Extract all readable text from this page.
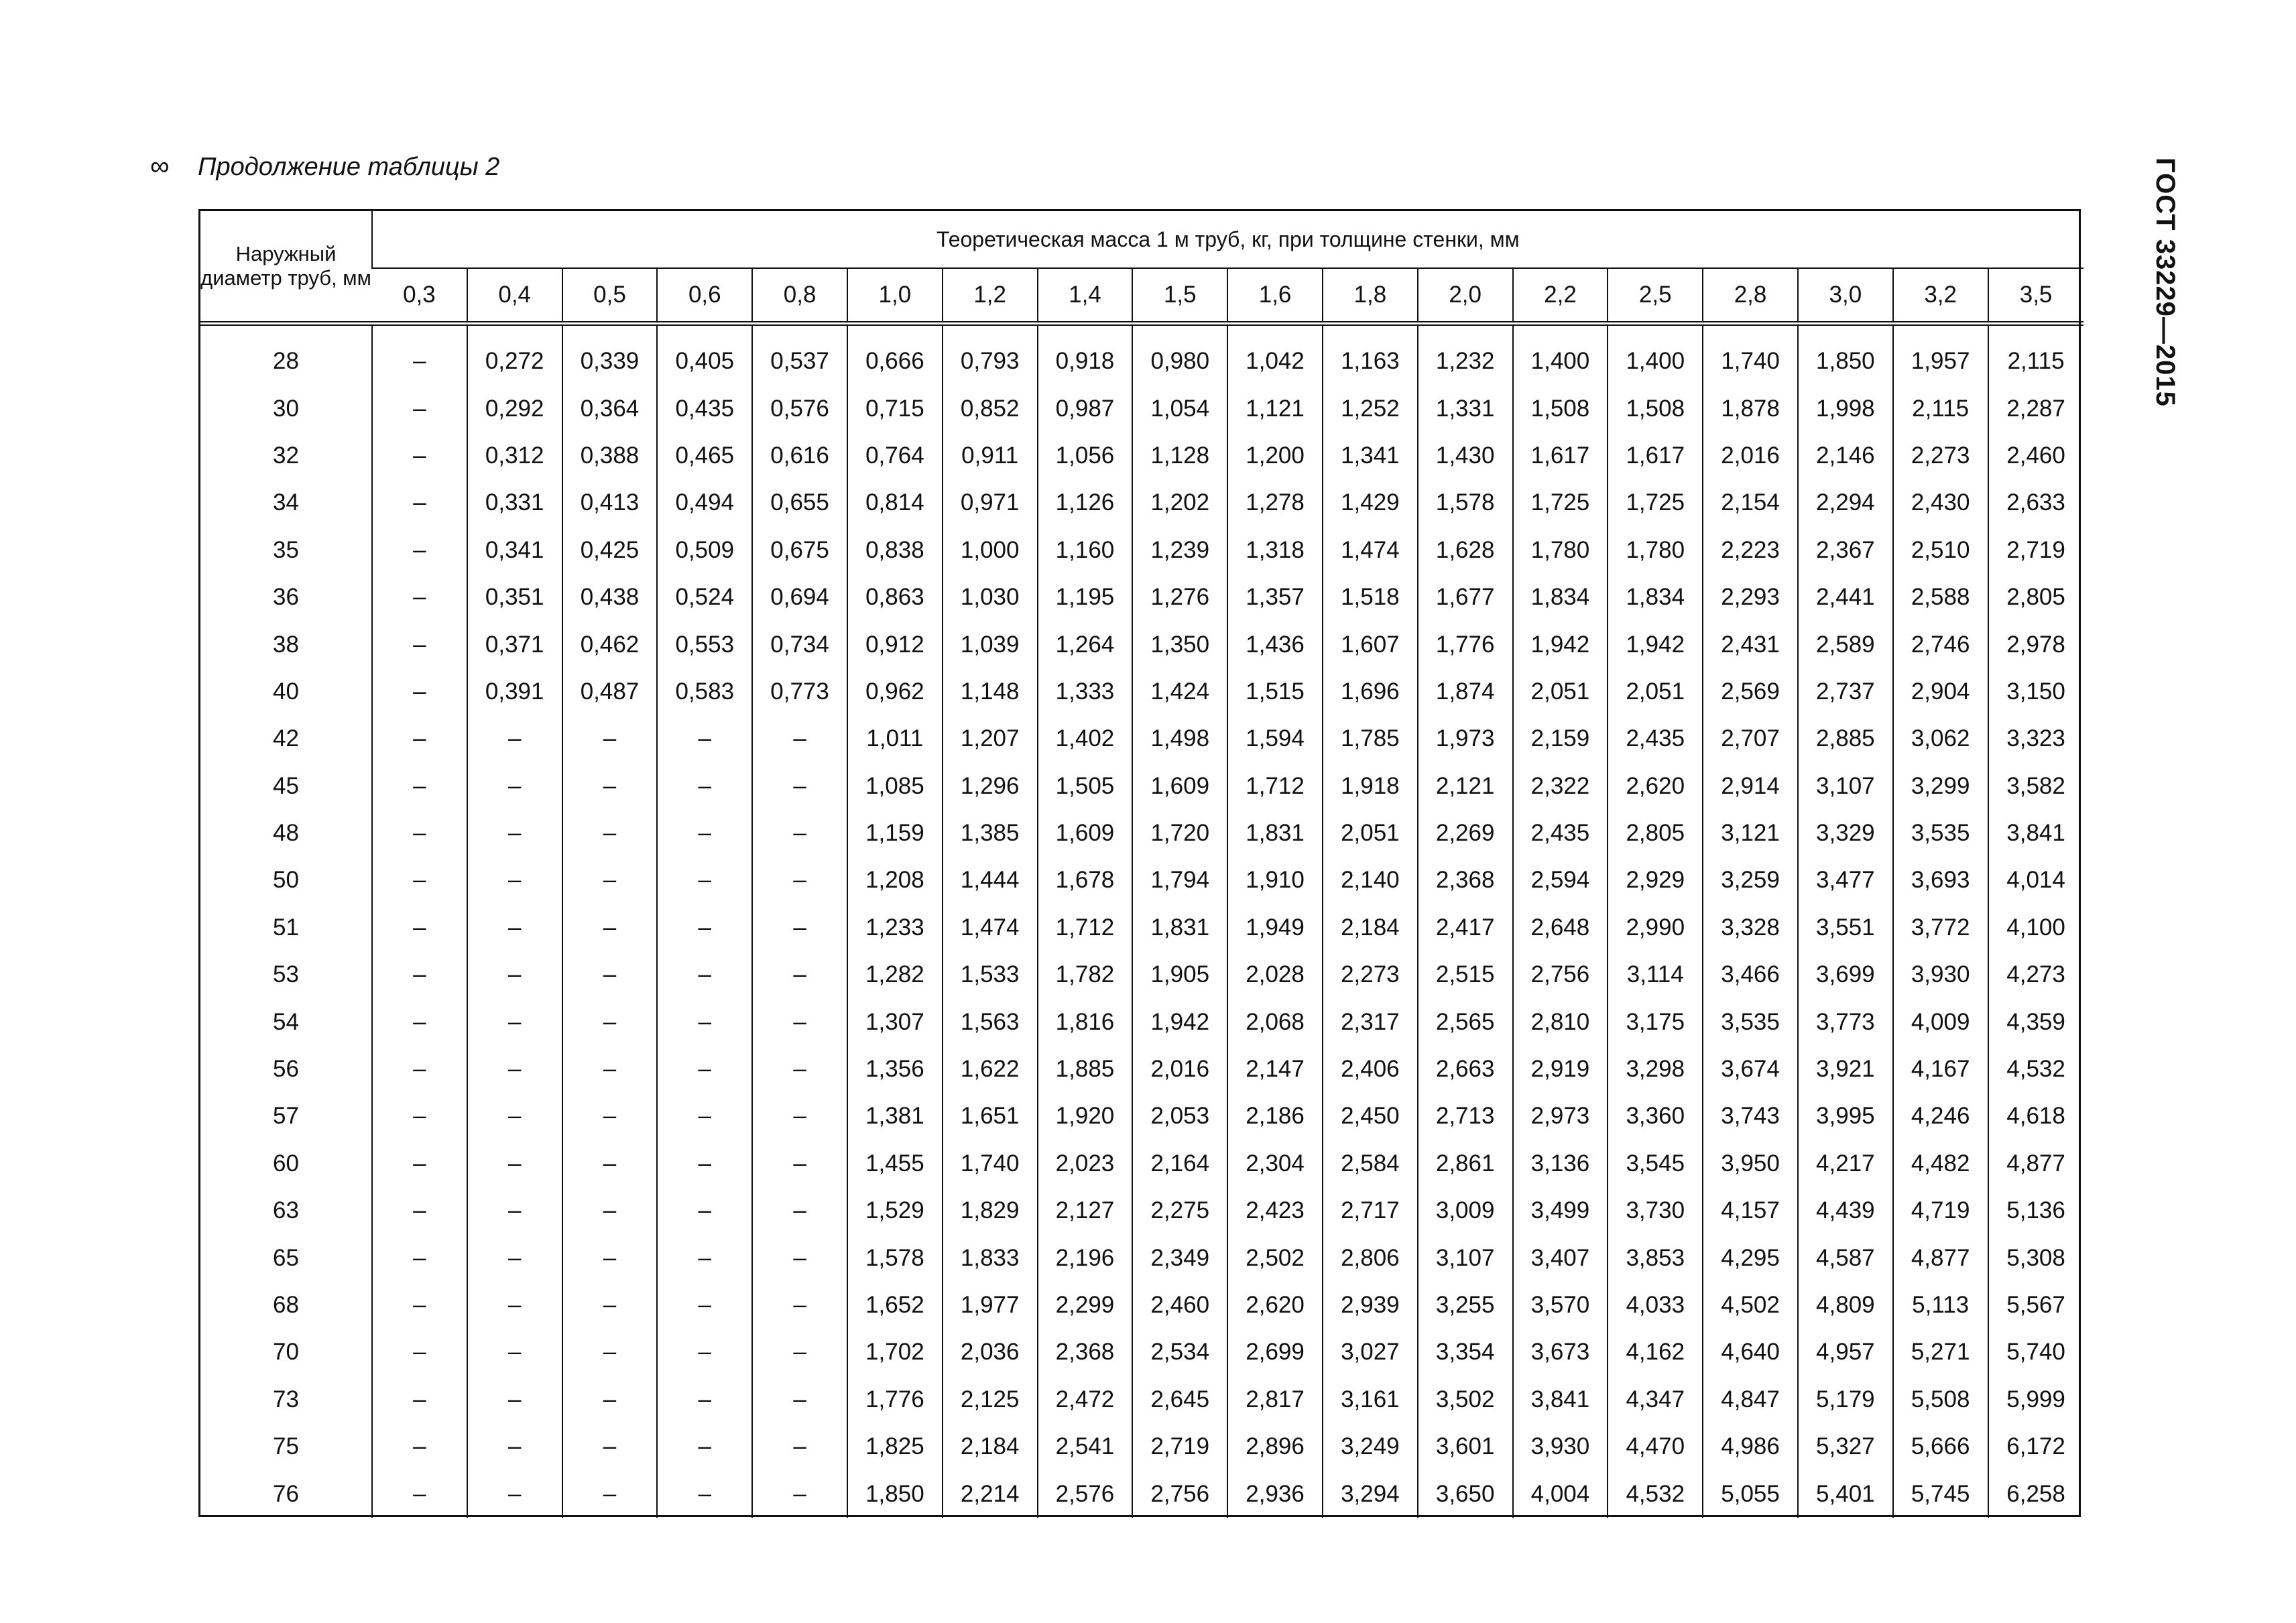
∞ Продолжение таблицы 2	ГОСТ 33229—2015
Наружный диаметр труб, мм	Теоретическая масса 1 м труб, кг, при толщине стенки, мм																	
	0,3	0,4	0,5	0,6	0,8	1,0	1,2	1,4	1,5	1,6	1,8	2,0	2,2	2,5	2,8	3,0	3,2	3,5
28	–	0,272	0,339	0,405	0,537	0,666	0,793	0,918	0,980	1,042	1,163	1,232	1,400	1,400	1,740	1,850	1,957	2,115
30	–	0,292	0,364	0,435	0,576	0,715	0,852	0,987	1,054	1,121	1,252	1,331	1,508	1,508	1,878	1,998	2,115	2,287
32	–	0,312	0,388	0,465	0,616	0,764	0,911	1,056	1,128	1,200	1,341	1,430	1,617	1,617	2,016	2,146	2,273	2,460
34	–	0,331	0,413	0,494	0,655	0,814	0,971	1,126	1,202	1,278	1,429	1,578	1,725	1,725	2,154	2,294	2,430	2,633
35	–	0,341	0,425	0,509	0,675	0,838	1,000	1,160	1,239	1,318	1,474	1,628	1,780	1,780	2,223	2,367	2,510	2,719
36	–	0,351	0,438	0,524	0,694	0,863	1,030	1,195	1,276	1,357	1,518	1,677	1,834	1,834	2,293	2,441	2,588	2,805
38	–	0,371	0,462	0,553	0,734	0,912	1,039	1,264	1,350	1,436	1,607	1,776	1,942	1,942	2,431	2,589	2,746	2,978
40	–	0,391	0,487	0,583	0,773	0,962	1,148	1,333	1,424	1,515	1,696	1,874	2,051	2,051	2,569	2,737	2,904	3,150
42	–	–	–	–	–	1,011	1,207	1,402	1,498	1,594	1,785	1,973	2,159	2,435	2,707	2,885	3,062	3,323
45	–	–	–	–	–	1,085	1,296	1,505	1,609	1,712	1,918	2,121	2,322	2,620	2,914	3,107	3,299	3,582
48	–	–	–	–	–	1,159	1,385	1,609	1,720	1,831	2,051	2,269	2,435	2,805	3,121	3,329	3,535	3,841
50	–	–	–	–	–	1,208	1,444	1,678	1,794	1,910	2,140	2,368	2,594	2,929	3,259	3,477	3,693	4,014
51	–	–	–	–	–	1,233	1,474	1,712	1,831	1,949	2,184	2,417	2,648	2,990	3,328	3,551	3,772	4,100
53	–	–	–	–	–	1,282	1,533	1,782	1,905	2,028	2,273	2,515	2,756	3,114	3,466	3,699	3,930	4,273
54	–	–	–	–	–	1,307	1,563	1,816	1,942	2,068	2,317	2,565	2,810	3,175	3,535	3,773	4,009	4,359
56	–	–	–	–	–	1,356	1,622	1,885	2,016	2,147	2,406	2,663	2,919	3,298	3,674	3,921	4,167	4,532
57	–	–	–	–	–	1,381	1,651	1,920	2,053	2,186	2,450	2,713	2,973	3,360	3,743	3,995	4,246	4,618
60	–	–	–	–	–	1,455	1,740	2,023	2,164	2,304	2,584	2,861	3,136	3,545	3,950	4,217	4,482	4,877
63	–	–	–	–	–	1,529	1,829	2,127	2,275	2,423	2,717	3,009	3,499	3,730	4,157	4,439	4,719	5,136
65	–	–	–	–	–	1,578	1,833	2,196	2,349	2,502	2,806	3,107	3,407	3,853	4,295	4,587	4,877	5,308
68	–	–	–	–	–	1,652	1,977	2,299	2,460	2,620	2,939	3,255	3,570	4,033	4,502	4,809	5,113	5,567
70	–	–	–	–	–	1,702	2,036	2,368	2,534	2,699	3,027	3,354	3,673	4,162	4,640	4,957	5,271	5,740
73	–	–	–	–	–	1,776	2,125	2,472	2,645	2,817	3,161	3,502	3,841	4,347	4,847	5,179	5,508	5,999
75	–	–	–	–	–	1,825	2,184	2,541	2,719	2,896	3,249	3,601	3,930	4,470	4,986	5,327	5,666	6,172
76	–	–	–	–	–	1,850	2,214	2,576	2,756	2,936	3,294	3,650	4,004	4,532	5,055	5,401	5,745	6,258
